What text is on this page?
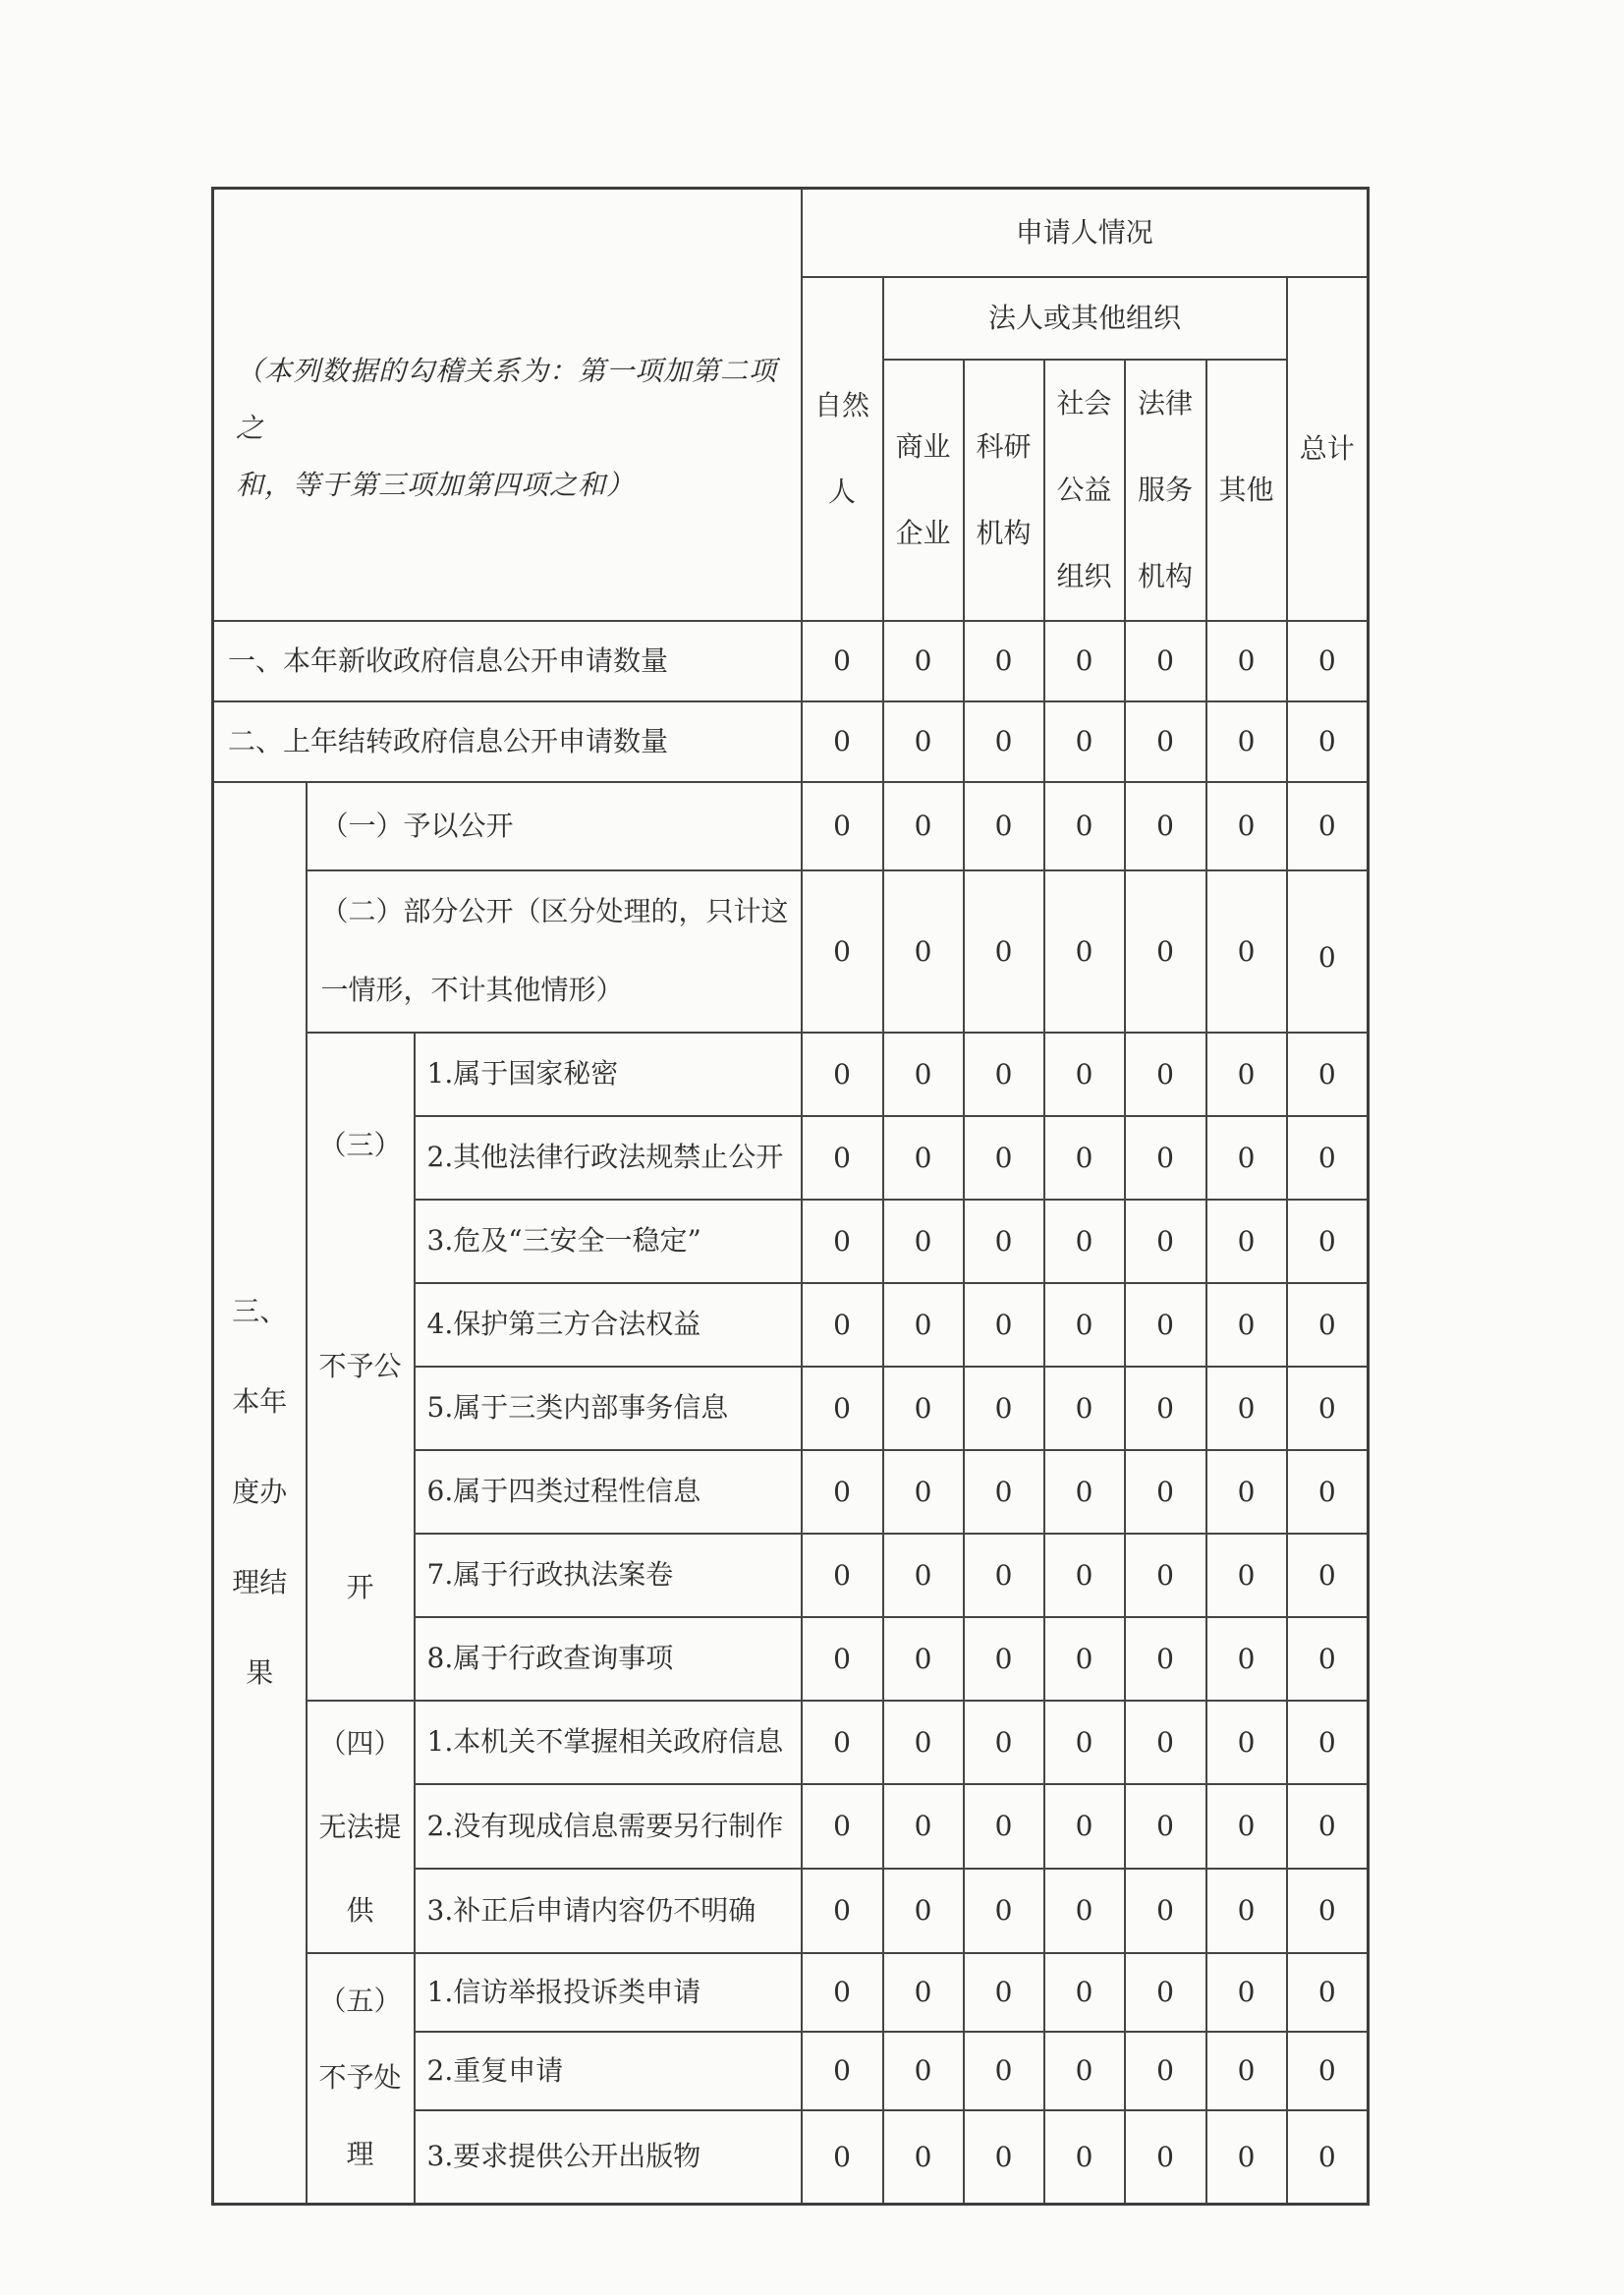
（本列数据的勾稽关系为：第一项加第二项之
和，等于第三项加第四项之和）			申请人情况						
			自然人	法人或其他组织					总计
				商业企业	科研机构	社会公益组织	法律服务机构	其他	
一、本年新收政府信息公开申请数量			0	0	0	0	0	0	0
二、上年结转政府信息公开申请数量			0	0	0	0	0	0	0
三、本年度办理结果	（一）予以公开		0	0	0	0	0	0	0
	（二）部分公开（区分处理的，只计这一情形，不计其他情形）		0	0	0	0	0	0	0
	（三）不予公开	1.属于国家秘密	0	0	0	0	0	0	0
		2.其他法律行政法规禁止公开	0	0	0	0	0	0	0
		3.危及“三安全一稳定”	0	0	0	0	0	0	0
		4.保护第三方合法权益	0	0	0	0	0	0	0
		5.属于三类内部事务信息	0	0	0	0	0	0	0
		6.属于四类过程性信息	0	0	0	0	0	0	0
		7.属于行政执法案卷	0	0	0	0	0	0	0
		8.属于行政查询事项	0	0	0	0	0	0	0
	（四）无法提供	1.本机关不掌握相关政府信息	0	0	0	0	0	0	0
		2.没有现成信息需要另行制作	0	0	0	0	0	0	0
		3.补正后申请内容仍不明确	0	0	0	0	0	0	0
	（五）不予处理	1.信访举报投诉类申请	0	0	0	0	0	0	0
		2.重复申请	0	0	0	0	0	0	0
		3.要求提供公开出版物	0	0	0	0	0	0	0
